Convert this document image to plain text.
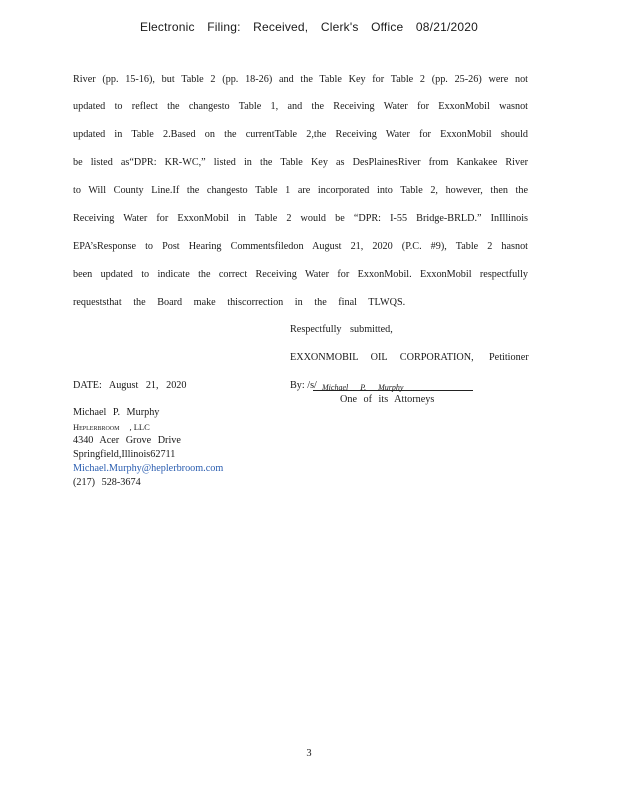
Electronic Filing: Received, Clerk's Office 08/21/2020
River (pp. 15-16), but Table 2 (pp. 18-26) and the Table Key for Table 2 (pp. 25-26) were not
updated to reflect the changesto Table 1, and the Receiving Water for ExxonMobil wasnot
updated in Table 2.Based on the currentTable 2,the Receiving Water for ExxonMobil should
be listed as“DPR: KR-WC,” listed in the Table Key as DesPlainesRiver from Kankakee River
to Will County Line.If the changesto Table 1 are incorporated into Table 2, however, then the
Receiving Water for ExxonMobil in Table 2 would be “DPR: I-55 Bridge-BRLD.” InIllinois
EPA’sResponse to Post Hearing Commentsfiledon August 21, 2020 (P.C. #9), Table 2 hasnot
been updated to indicate the correct Receiving Water for ExxonMobil. ExxonMobil respectfully
requeststhat the Board make thiscorrection in the final TLWQS.
Respectfully submitted,
EXXONMOBIL OIL CORPORATION, Petitioner
DATE: August 21, 2020	By: /s/ Michael P. Murphy
One of its Attorneys
Michael P. Murphy
Heplerbroom , LLC
4340 Acer Grove Drive
Springfield,Illinois62711
Michael.Murphy@heplerbroom.com
(217) 528-3674
3
